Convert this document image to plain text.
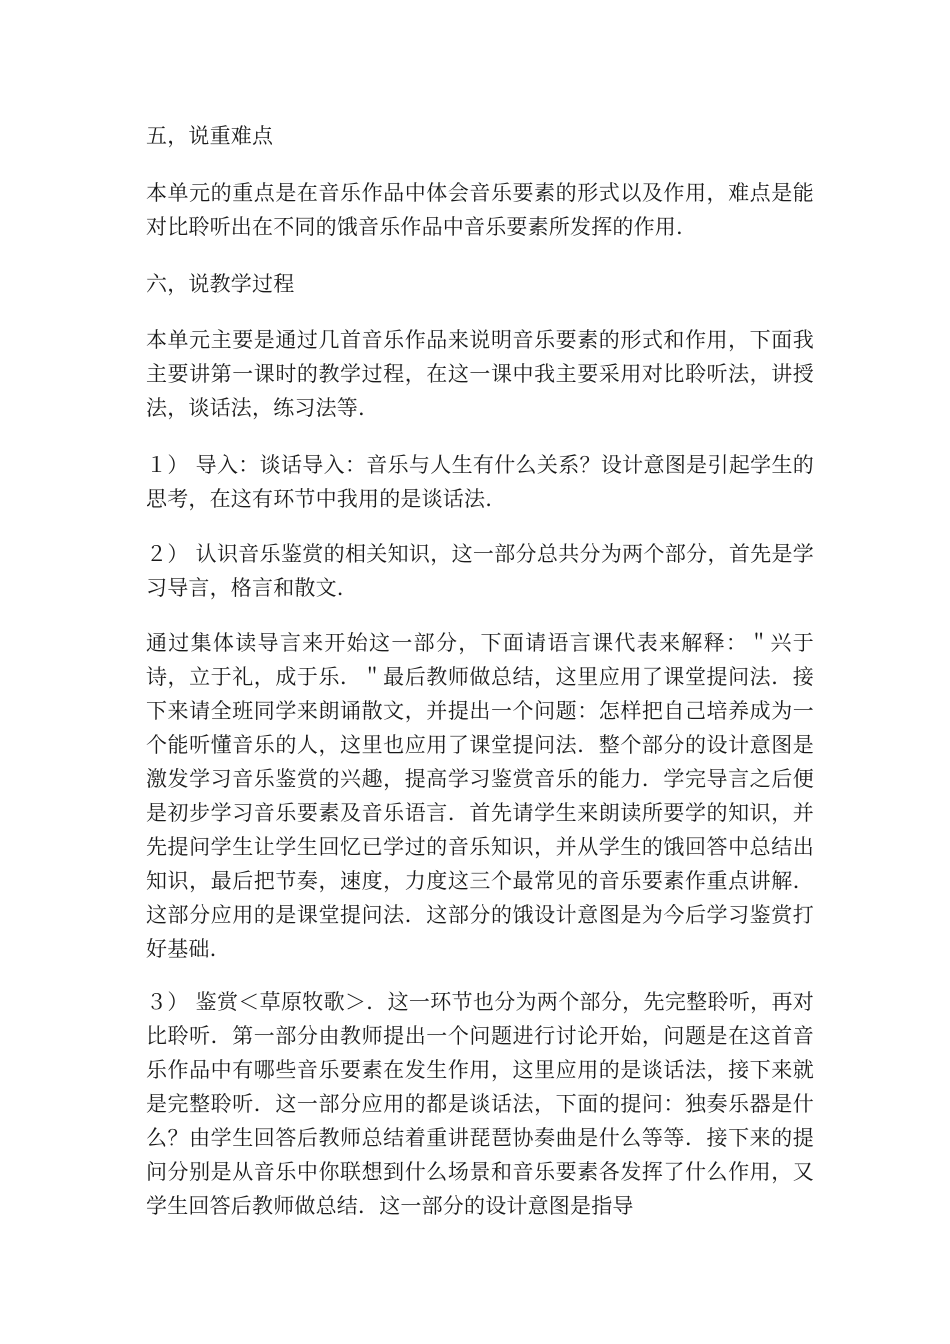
五，说重难点

本单元的重点是在音乐作品中体会音乐要素的形式以及作用，难点是能对比聆听出在不同的饿音乐作品中音乐要素所发挥的作用.

六，说教学过程

本单元主要是通过几首音乐作品来说明音乐要素的形式和作用，下面我主要讲第一课时的教学过程，在这一课中我主要采用对比聆听法，讲授法，谈话法，练习法等.

１） 导入：谈话导入：音乐与人生有什么关系？设计意图是引起学生的思考，在这有环节中我用的是谈话法.

２） 认识音乐鉴赏的相关知识，这一部分总共分为两个部分，首先是学习导言，格言和散文.

通过集体读导言来开始这一部分，下面请语言课代表来解释：＂兴于诗，立于礼，成于乐．＂最后教师做总结，这里应用了课堂提问法．接下来请全班同学来朗诵散文，并提出一个问题：怎样把自己培养成为一个能听懂音乐的人，这里也应用了课堂提问法．整个部分的设计意图是激发学习音乐鉴赏的兴趣，提高学习鉴赏音乐的能力．学完导言之后便是初步学习音乐要素及音乐语言．首先请学生来朗读所要学的知识，并先提问学生让学生回忆已学过的音乐知识，并从学生的饿回答中总结出知识，最后把节奏，速度，力度这三个最常见的音乐要素作重点讲解．这部分应用的是课堂提问法．这部分的饿设计意图是为今后学习鉴赏打好基础.

３） 鉴赏＜草原牧歌＞．这一环节也分为两个部分，先完整聆听，再对比聆听．第一部分由教师提出一个问题进行讨论开始，问题是在这首音乐作品中有哪些音乐要素在发生作用，这里应用的是谈话法，接下来就是完整聆听．这一部分应用的都是谈话法，下面的提问：独奏乐器是什么？由学生回答后教师总结着重讲琵琶协奏曲是什么等等．接下来的提问分别是从音乐中你联想到什么场景和音乐要素各发挥了什么作用，又学生回答后教师做总结．这一部分的设计意图是指导
